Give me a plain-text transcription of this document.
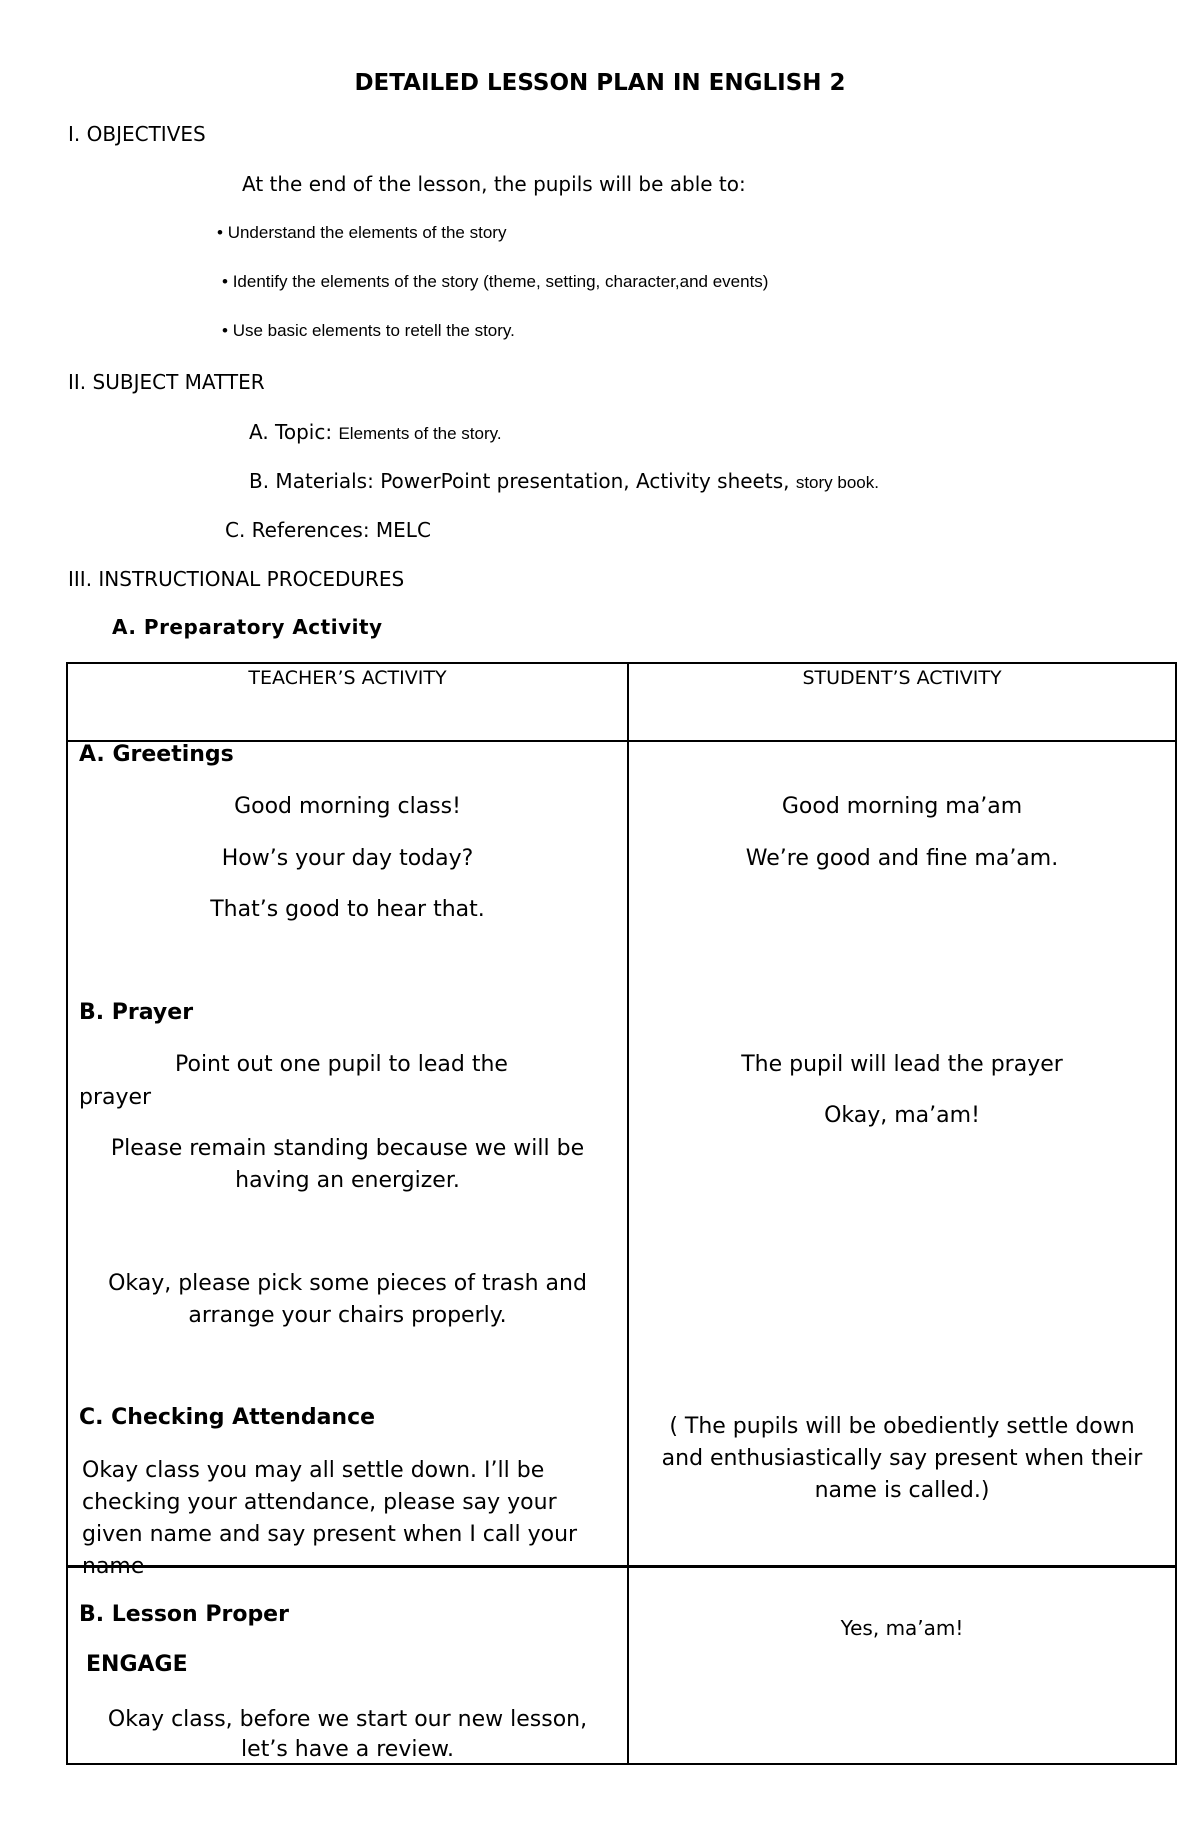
DETAILED LESSON PLAN IN ENGLISH 2
I. OBJECTIVES
At the end of the lesson, the pupils will be able to:
• Understand the elements of the story
• Identify the elements of the story (theme, setting, character,and events)
• Use basic elements to retell the story.
II. SUBJECT MATTER
A. Topic: Elements of the story.
B. Materials: PowerPoint presentation, Activity sheets, story book.
C. References: MELC
III. INSTRUCTIONAL PROCEDURES
A. Preparatory Activity
TEACHER’S ACTIVITY	STUDENT’S ACTIVITY
A. Greetings
Good morning class!
How’s your day today?
That’s good to hear that.
Good morning ma’am
We’re good and fine ma’am.
B. Prayer
Point out one pupil to lead the
prayer
Please remain standing because we will be
having an energizer.
Okay, please pick some pieces of trash and
arrange your chairs properly.
The pupil will lead the prayer
Okay, ma’am!
C. Checking Attendance
Okay class you may all settle down. I’ll be
checking your attendance, please say your
given name and say present when I call your
name
( The pupils will be obediently settle down
and enthusiastically say present when their
name is called.)
B. Lesson Proper
ENGAGE
Okay class, before we start our new lesson,
let’s have a review.
Yes, ma’am!
